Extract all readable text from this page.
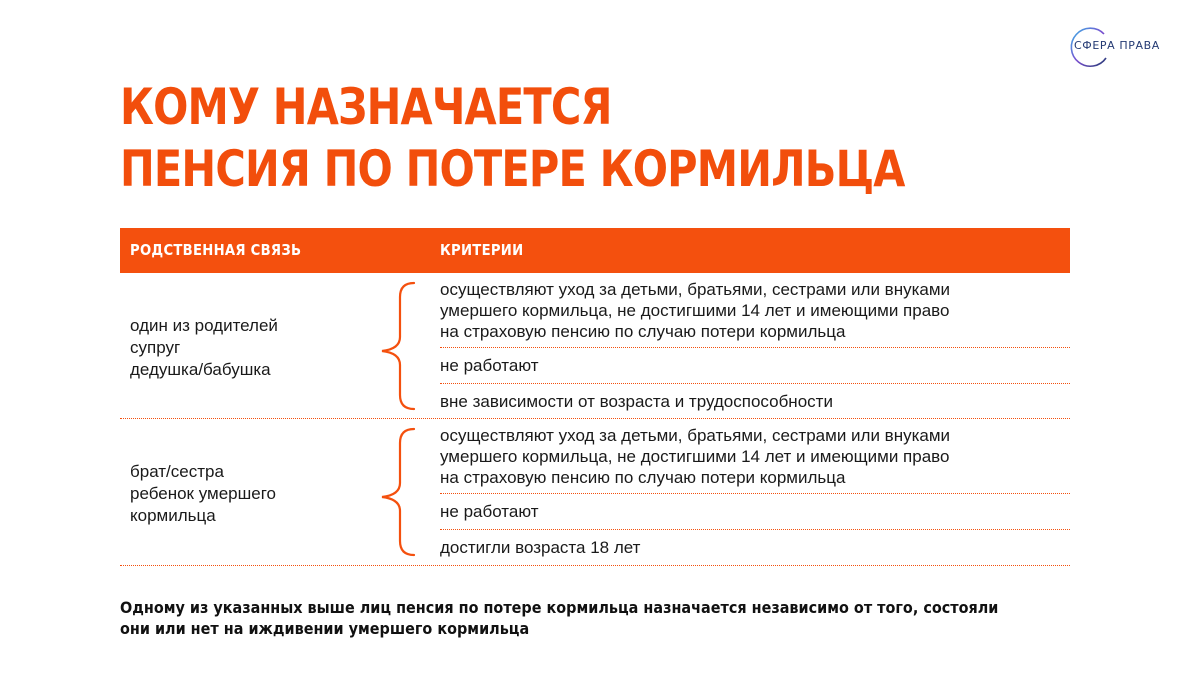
СФЕРА ПРАВА
КОМУ НАЗНАЧАЕТСЯ
ПЕНСИЯ ПО ПОТЕРЕ КОРМИЛЬЦА
РОДСТВЕННАЯ СВЯЗЬ	КРИТЕРИИ
один из родителей
супруг
дедушка/бабушка
осуществляют уход за детьми, братьями, сестрами или внуками
умершего кормильца, не достигшими 14 лет и имеющими право
на страховую пенсию по случаю потери кормильца
не работают
вне зависимости от возраста и трудоспособности
брат/сестра
ребенок умершего
кормильца
осуществляют уход за детьми, братьями, сестрами или внуками
умершего кормильца, не достигшими 14 лет и имеющими право
на страховую пенсию по случаю потери кормильца
не работают
достигли возраста 18 лет

Одному из указанных выше лиц пенсия по потере кормильца назначается независимо от того, состояли
они или нет на иждивении умершего кормильца
